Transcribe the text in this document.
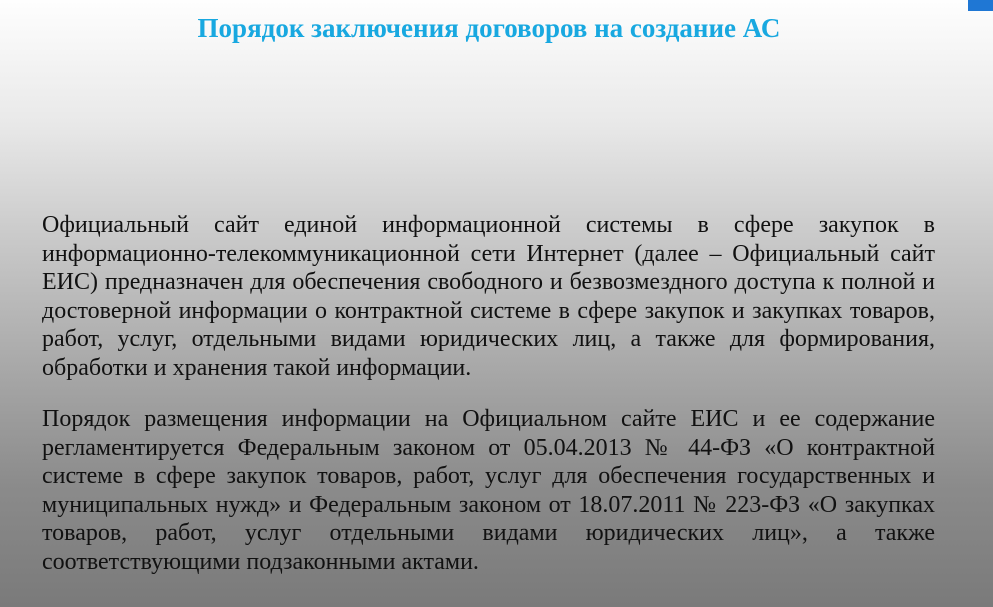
Порядок заключения договоров на создание АС

Официальный сайт единой информационной системы в сфере закупок в информационно-телекоммуникационной сети Интернет (далее – Официальный сайт ЕИС) предназначен для обеспечения свободного и безвозмездного доступа к полной и достоверной информации о контрактной системе в сфере закупок и закупках товаров, работ, услуг, отдельными видами юридических лиц, а также для формирования, обработки и хранения такой информации.

Порядок размещения информации на Официальном сайте ЕИС и ее содержание регламентируется Федеральным законом от 05.04.2013 № 44-ФЗ «О контрактной системе в сфере закупок товаров, работ, услуг для обеспечения государственных и муниципальных нужд» и Федеральным законом от 18.07.2011 № 223-ФЗ «О закупках товаров, работ, услуг отдельными видами юридических лиц», а также соответствующими подзаконными актами.
